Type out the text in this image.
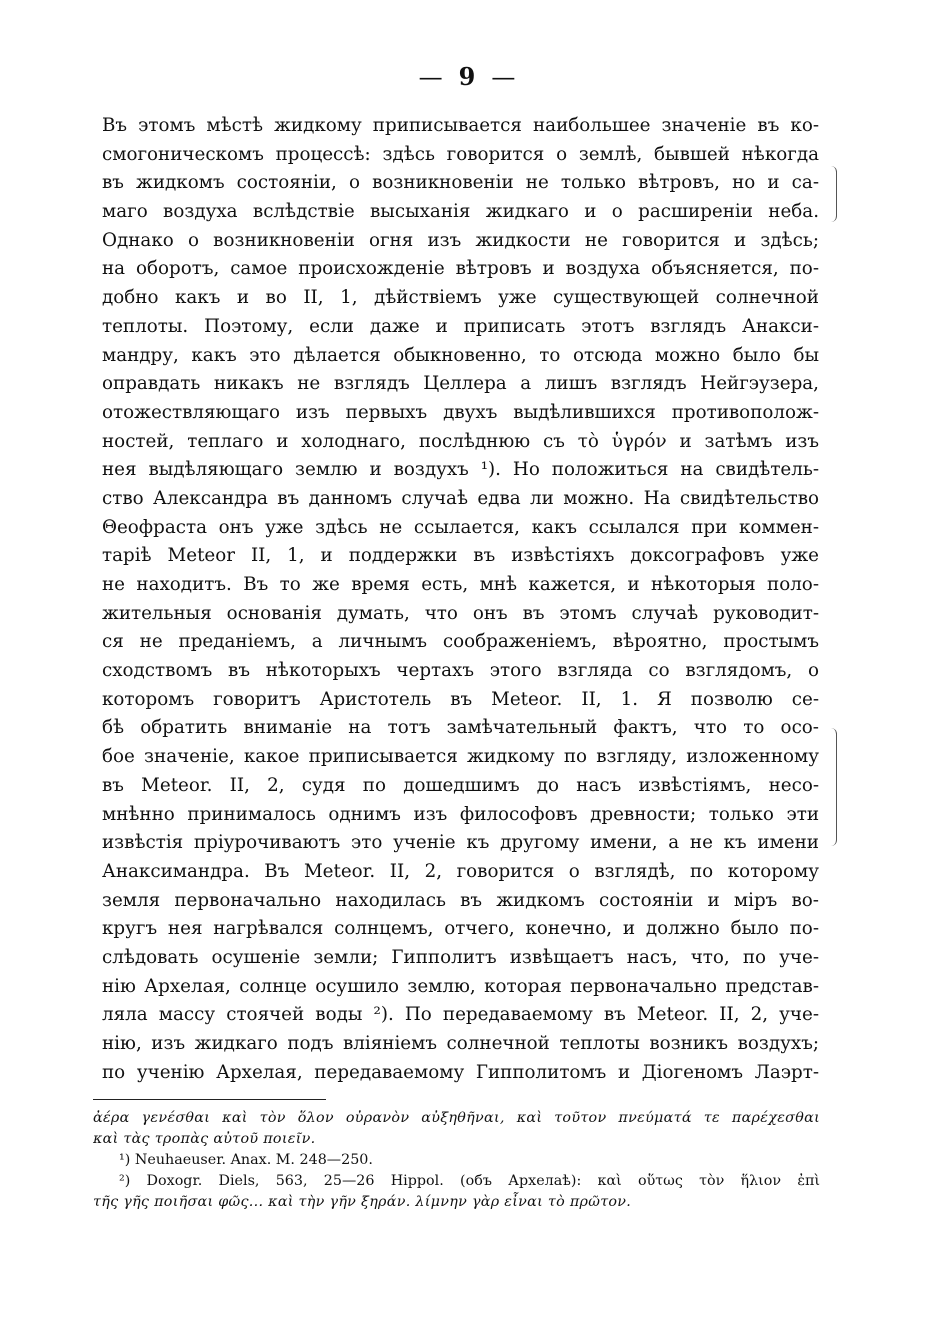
— 9 —
Въ этомъ мѣстѣ жидкому приписывается наибольшее значеніе въ ко-
смогоническомъ процессѣ: здѣсь говорится о землѣ, бывшей нѣкогда
въ жидкомъ состояніи, о возникновеніи не только вѣтровъ, но и са-
маго воздуха вслѣдствіе высыханія жидкаго и о расширеніи неба.
Однако о возникновеніи огня изъ жидкости не говорится и здѣсь;
на оборотъ, самое происхожденіе вѣтровъ и воздуха объясняется, по-
добно какъ и во II, 1, дѣйствіемъ уже существующей солнечной
теплоты. Поэтому, если даже и приписать этотъ взглядъ Анакси-
мандру, какъ это дѣлается обыкновенно, то отсюда можно было бы
оправдать никакъ не взглядъ Целлера а лишъ взглядъ Нейгэузера,
отожествляющаго изъ первыхъ двухъ выдѣлившихся противополож-
ностей, теплаго и холоднаго, послѣднюю съ τὸ ὑγρόν и затѣмъ изъ
нея выдѣляющаго землю и воздухъ ¹). Но положиться на свидѣтель-
ство Александра въ данномъ случаѣ едва ли можно. На свидѣтельство
Θеофраста онъ уже здѣсь не ссылается, какъ ссылался при коммен-
таріѣ Meteor II, 1, и поддержки въ извѣстіяхъ доксографовъ уже
не находитъ. Въ то же время есть, мнѣ кажется, и нѣкоторыя поло-
жительныя основанія думать, что онъ въ этомъ случаѣ руководит-
ся не преданіемъ, а личнымъ соображеніемъ, вѣроятно, простымъ
сходствомъ въ нѣкоторыхъ чертахъ этого взгляда со взглядомъ, о
которомъ говоритъ Аристотель въ Meteor. II, 1. Я позволю се-
бѣ обратить вниманіе на тотъ замѣчательный фактъ, что то осо-
бое значеніе, какое приписывается жидкому по взгляду, изложенному
въ Meteor. II, 2, судя по дошедшимъ до насъ извѣстіямъ, несо-
мнѣнно принималось однимъ изъ философовъ древности; только эти
извѣстія пріурочиваютъ это ученіе къ другому имени, а не къ имени
Анаксимандра. Въ Meteor. II, 2, говорится о взглядѣ, по которому
земля первоначально находилась въ жидкомъ состояніи и міръ во-
кругъ нея нагрѣвался солнцемъ, отчего, конечно, и должно было по-
слѣдовать осушеніе земли; Гипполитъ извѣщаетъ насъ, что, по уче-
нію Архелая, солнце осушило землю, которая первоначально представ-
ляла массу стоячей воды ²). По передаваемому въ Meteor. II, 2, уче-
нію, изъ жидкаго подъ вліяніемъ солнечной теплоты возникъ воздухъ;
по ученію Архелая, передаваемому Гипполитомъ и Діогеномъ Лаэрт-
ἀέρα γενέσθαι καὶ τὸν ὅλον οὐρανὸν αὐξηθῆναι, καὶ τοῦτον πνεύματά τε παρέχεσθαι
καὶ τὰς τροπὰς αὐτοῦ ποιεῖν.
¹) Neuhaeuser. Anax. M. 248—250.
²) Doxogr. Diels, 563, 25—26 Hippol. (объ Архелаѣ): καὶ οὕτως τὸν ἥλιον ἐπὶ
τῆς γῆς ποιῆσαι φῶς... καὶ τὴν γῆν ξηράν. λίμνην γὰρ εἶναι τὸ πρῶτον.
